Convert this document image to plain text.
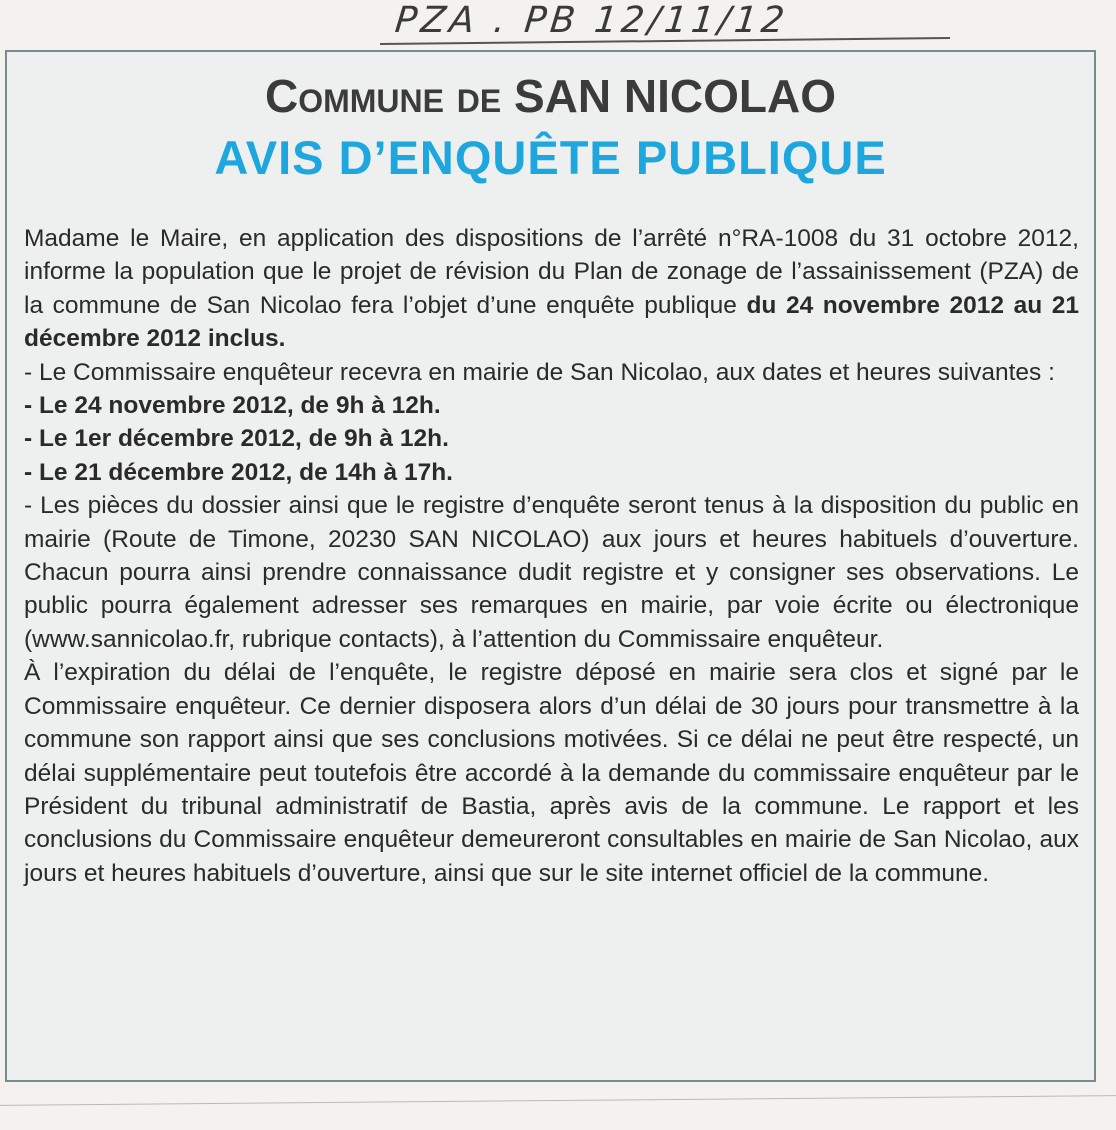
PZA . PB 12/11/12
Commune de SAN NICOLAO
AVIS D’ENQUÊTE PUBLIQUE

Madame le Maire, en application des dispositions de l’arrêté n°RA-1008 du 31 octobre 2012, informe la population que le projet de révision du Plan de zonage de l’assainissement (PZA) de la commune de San Nicolao fera l’objet d’une enquête publique du 24 novembre 2012 au 21 décembre 2012 inclus.

- Le Commissaire enquêteur recevra en mairie de San Nicolao, aux dates et heures suivantes :

- Le 24 novembre 2012, de 9h à 12h.

- Le 1er décembre 2012, de 9h à 12h.

- Le 21 décembre 2012, de 14h à 17h.

- Les pièces du dossier ainsi que le registre d’enquête seront tenus à la disposition du public en mairie (Route de Timone, 20230 SAN NICOLAO) aux jours et heures habituels d’ouverture. Chacun pourra ainsi prendre connaissance dudit registre et y consigner ses observations. Le public pourra également adresser ses remarques en mairie, par voie écrite ou électronique (www.sannicolao.fr, rubrique contacts), à l’attention du Commissaire enquêteur.

À l’expiration du délai de l’enquête, le registre déposé en mairie sera clos et signé par le Commissaire enquêteur. Ce dernier disposera alors d’un délai de 30 jours pour transmettre à la commune son rapport ainsi que ses conclusions motivées. Si ce délai ne peut être respecté, un délai supplémentaire peut toutefois être accordé à la demande du commissaire enquêteur par le Président du tribunal administratif de Bastia, après avis de la commune. Le rapport et les conclusions du Commissaire enquêteur demeureront consultables en mairie de San Nicolao, aux jours et heures habituels d’ouverture, ainsi que sur le site internet officiel de la commune.
